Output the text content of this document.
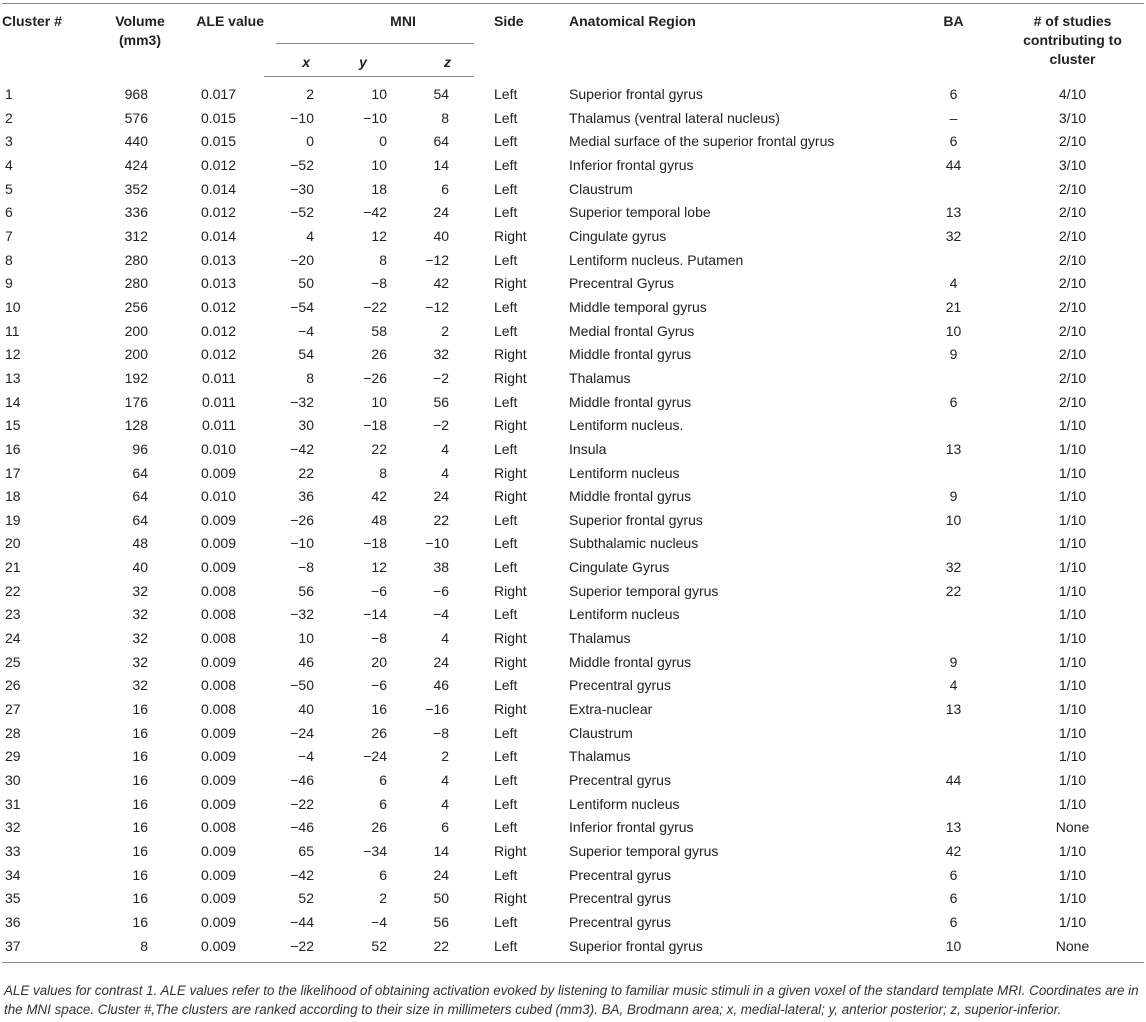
Cluster #	Volume (mm3)	ALE value	MNI			Side	Anatomical Region	BA	# of studies contributing to cluster
			x	y	z				
1	968	0.017	2	10	54	Left	Superior frontal gyrus	6	4/10
2	576	0.015	−10	−10	8	Left	Thalamus (ventral lateral nucleus)	–	3/10
3	440	0.015	0	0	64	Left	Medial surface of the superior frontal gyrus	6	2/10
4	424	0.012	−52	10	14	Left	Inferior frontal gyrus	44	3/10
5	352	0.014	−30	18	6	Left	Claustrum		2/10
6	336	0.012	−52	−42	24	Left	Superior temporal lobe	13	2/10
7	312	0.014	4	12	40	Right	Cingulate gyrus	32	2/10
8	280	0.013	−20	8	−12	Left	Lentiform nucleus. Putamen		2/10
9	280	0.013	50	−8	42	Right	Precentral Gyrus	4	2/10
10	256	0.012	−54	−22	−12	Left	Middle temporal gyrus	21	2/10
11	200	0.012	−4	58	2	Left	Medial frontal Gyrus	10	2/10
12	200	0.012	54	26	32	Right	Middle frontal gyrus	9	2/10
13	192	0.011	8	−26	−2	Right	Thalamus		2/10
14	176	0.011	−32	10	56	Left	Middle frontal gyrus	6	2/10
15	128	0.011	30	−18	−2	Right	Lentiform nucleus.		1/10
16	96	0.010	−42	22	4	Left	Insula	13	1/10
17	64	0.009	22	8	4	Right	Lentiform nucleus		1/10
18	64	0.010	36	42	24	Right	Middle frontal gyrus	9	1/10
19	64	0.009	−26	48	22	Left	Superior frontal gyrus	10	1/10
20	48	0.009	−10	−18	−10	Left	Subthalamic nucleus		1/10
21	40	0.009	−8	12	38	Left	Cingulate Gyrus	32	1/10
22	32	0.008	56	−6	−6	Right	Superior temporal gyrus	22	1/10
23	32	0.008	−32	−14	−4	Left	Lentiform nucleus		1/10
24	32	0.008	10	−8	4	Right	Thalamus		1/10
25	32	0.009	46	20	24	Right	Middle frontal gyrus	9	1/10
26	32	0.008	−50	−6	46	Left	Precentral gyrus	4	1/10
27	16	0.008	40	16	−16	Right	Extra-nuclear	13	1/10
28	16	0.009	−24	26	−8	Left	Claustrum		1/10
29	16	0.009	−4	−24	2	Left	Thalamus		1/10
30	16	0.009	−46	6	4	Left	Precentral gyrus	44	1/10
31	16	0.009	−22	6	4	Left	Lentiform nucleus		1/10
32	16	0.008	−46	26	6	Left	Inferior frontal gyrus	13	None
33	16	0.009	65	−34	14	Right	Superior temporal gyrus	42	1/10
34	16	0.009	−42	6	24	Left	Precentral gyrus	6	1/10
35	16	0.009	52	2	50	Right	Precentral gyrus	6	1/10
36	16	0.009	−44	−4	56	Left	Precentral gyrus	6	1/10
37	8	0.009	−22	52	22	Left	Superior frontal gyrus	10	None
ALE values for contrast 1. ALE values refer to the likelihood of obtaining activation evoked by listening to familiar music stimuli in a given voxel of the standard template MRI. Coordinates are in the MNI space. Cluster #,The clusters are ranked according to their size in millimeters cubed (mm3). BA, Brodmann area; x, medial-lateral; y, anterior posterior; z, superior-inferior.
